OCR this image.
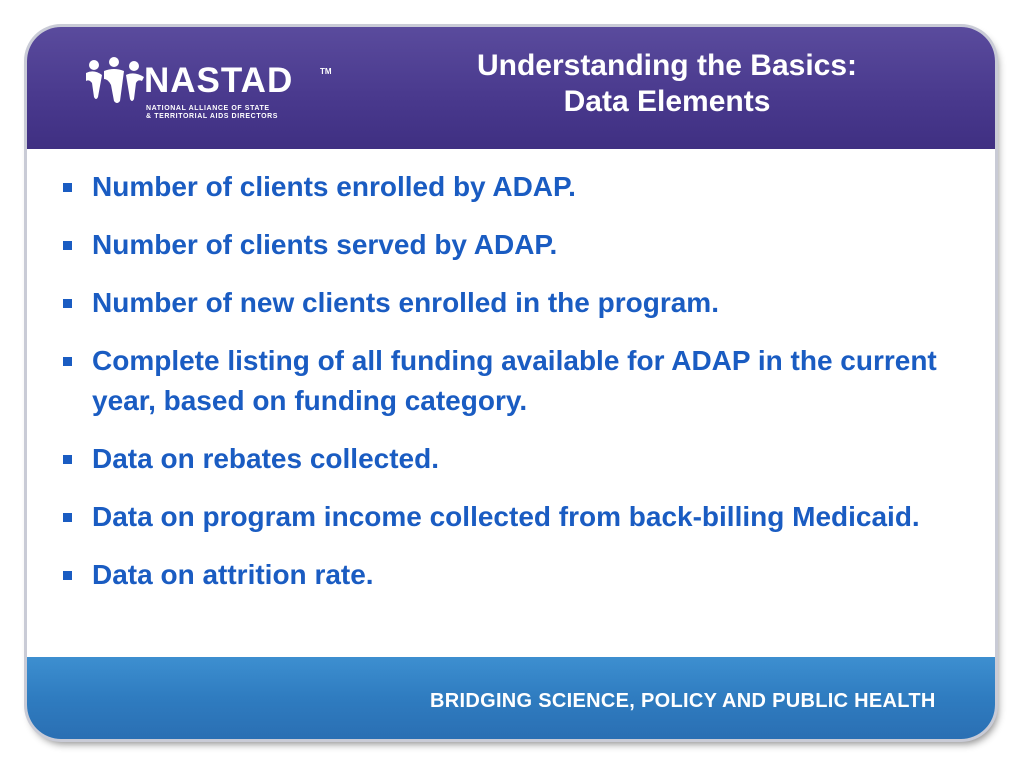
NASTAD	TM
NATIONAL ALLIANCE OF STATE
& TERRITORIAL AIDS DIRECTORS
Understanding the Basics:
Data Elements
Number of clients enrolled by ADAP.
Number of clients served by ADAP.
Number of new clients enrolled in the program.
Complete listing of all funding available for ADAP in the current year, based on funding category.
Data on rebates collected.
Data on program income collected from back-billing Medicaid.
Data on attrition rate.
BRIDGING SCIENCE, POLICY AND PUBLIC HEALTH
